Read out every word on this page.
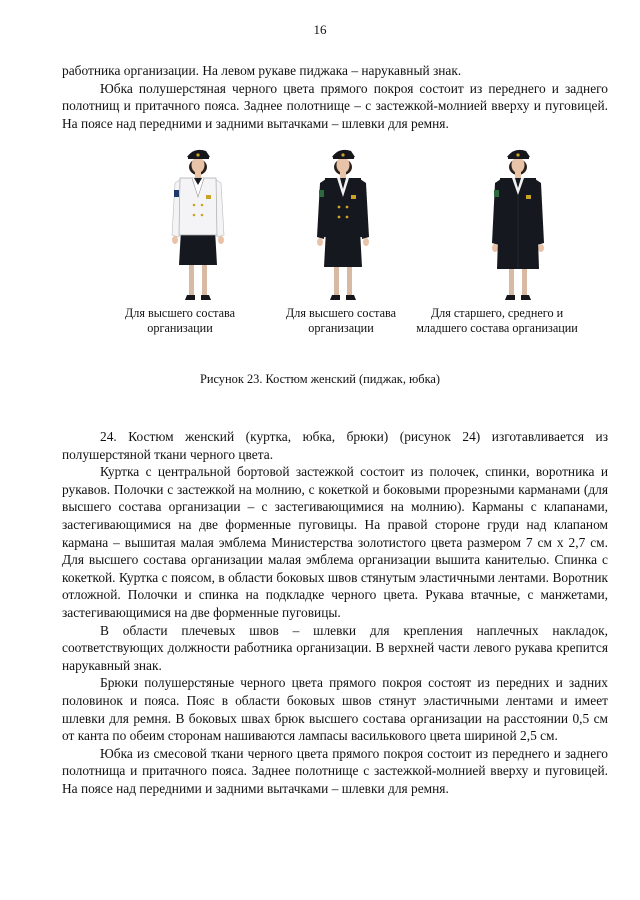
16

работника организации. На левом рукаве пиджака – нарукавный знак.

Юбка полушерстяная черного цвета прямого покроя состоит из переднего и заднего полотнищ и притачного пояса. Заднее полотнище – с застежкой-молнией вверху и пуговицей. На поясе над передними и задними вытачками – шлевки для ремня.

Для высшего состава организации
Для высшего состава организации
Для старшего, среднего и младшего состава организации
Рисунок 23. Костюм женский (пиджак, юбка)

24. Костюм женский (куртка, юбка, брюки) (рисунок 24) изготавливается из полушерстяной ткани черного цвета.

Куртка с центральной бортовой застежкой состоит из полочек, спинки, воротника и рукавов. Полочки с застежкой на молнию, с кокеткой и боковыми прорезными карманами (для высшего состава организации – с застегивающимися на молнию). Карманы с клапанами, застегивающимися на две форменные пуговицы. На правой стороне груди над клапаном кармана – вышитая малая эмблема Министерства золотистого цвета размером 7 см х 2,7 см. Для высшего состава организации малая эмблема организации вышита канителью. Спинка с кокеткой. Куртка с поясом, в области боковых швов стянутым эластичными лентами. Воротник отложной. Полочки и спинка на подкладке черного цвета. Рукава втачные, с манжетами, застегивающимися на две форменные пуговицы.

В области плечевых швов – шлевки для крепления наплечных накладок, соответствующих должности работника организации. В верхней части левого рукава крепится нарукавный знак.

Брюки полушерстяные черного цвета прямого покроя состоят из передних и задних половинок и пояса. Пояс в области боковых швов стянут эластичными лентами и имеет шлевки для ремня. В боковых швах брюк высшего состава организации на расстоянии 0,5 см от канта по обеим сторонам нашиваются лампасы василькового цвета шириной 2,5 см.

Юбка из смесовой ткани черного цвета прямого покроя состоит из переднего и заднего полотнища и притачного пояса. Заднее полотнище с застежкой-молнией вверху и пуговицей. На поясе над передними и задними вытачками – шлевки для ремня.
